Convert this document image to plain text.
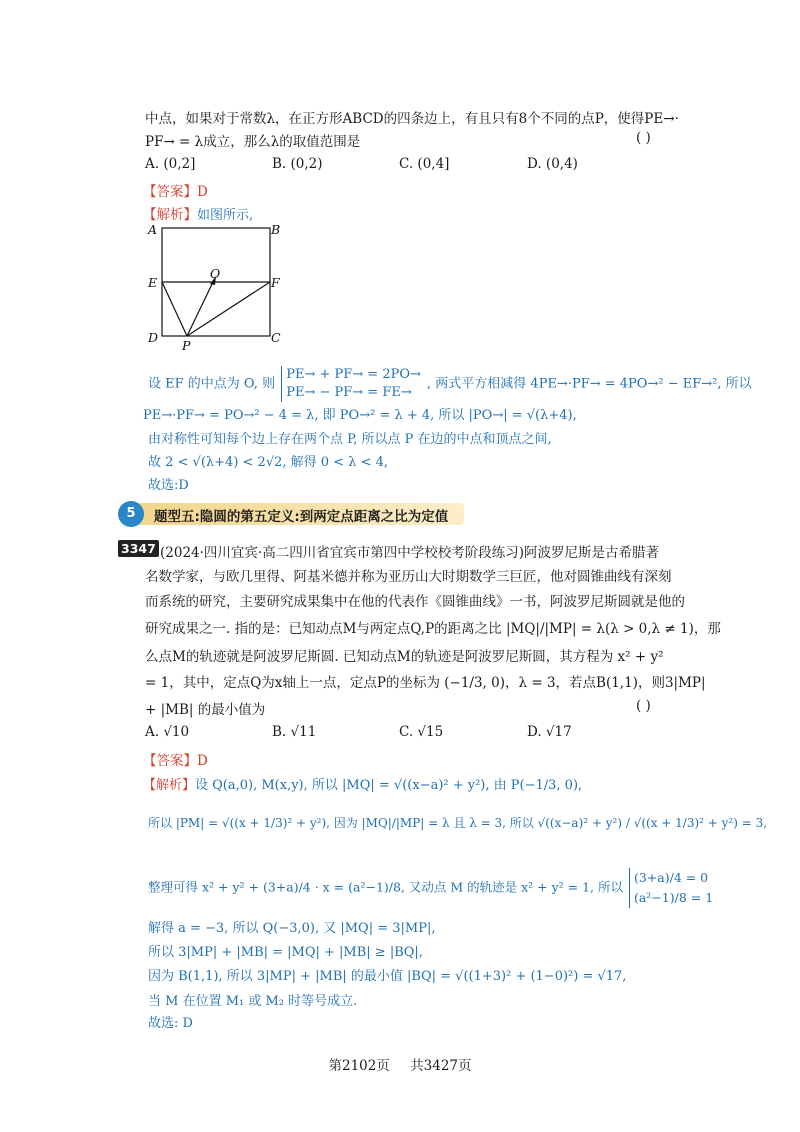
中点，如果对于常数λ，在正方形ABCD的四条边上，有且只有8个不同的点P，使得PE→·
PF→ = λ成立，那么λ的取值范围是	( )
A. (0,2]	B. (0,2)	C. (0,4]	D. (0,4)
【答案】D
【解析】如图所示,
A	B
E	F
O
D	C
P
设 EF 的中点为 O, 则
PE→ + PF→ = 2PO→
PE→ − PF→ = FE→
, 两式平方相减得 4PE→·PF→ = 4PO→² − EF→², 所以
PE→·PF→ = PO→² − 4 = λ, 即 PO→² = λ + 4, 所以 |PO→| = √(λ+4),
由对称性可知每个边上存在两个点 P, 所以点 P 在边的中点和顶点之间,
故 2 < √(λ+4) < 2√2, 解得 0 < λ < 4,
故选:D
5	题型五:隐圆的第五定义:到两定点距离之比为定值
3347 (2024·四川宜宾·高二四川省宜宾市第四中学校校考阶段练习)阿波罗尼斯是古希腊著
名数学家，与欧几里得、阿基米德并称为亚历山大时期数学三巨匠，他对圆锥曲线有深刻
而系统的研究，主要研究成果集中在他的代表作《圆锥曲线》一书，阿波罗尼斯圆就是他的
研究成果之一. 指的是：已知动点M与两定点Q,P的距离之比 |MQ|/|MP| = λ(λ > 0,λ ≠ 1)，那
么点M的轨迹就是阿波罗尼斯圆. 已知动点M的轨迹是阿波罗尼斯圆，其方程为 x² + y²
= 1，其中，定点Q为x轴上一点，定点P的坐标为 (−1/3, 0)，λ = 3，若点B(1,1)，则3|MP|
+ |MB| 的最小值为	( )
A. √10	B. √11	C. √15	D. √17
【答案】D
【解析】设 Q(a,0), M(x,y), 所以 |MQ| = √((x−a)² + y²), 由 P(−1/3, 0),
所以 |PM| = √((x + 1/3)² + y²), 因为 |MQ|/|MP| = λ 且 λ = 3, 所以 √((x−a)² + y²) / √((x + 1/3)² + y²) = 3,
整理可得 x² + y² + (3+a)/4 · x = (a²−1)/8, 又动点 M 的轨迹是 x² + y² = 1, 所以
(3+a)/4 = 0
(a²−1)/8 = 1
解得 a = −3, 所以 Q(−3,0), 又 |MQ| = 3|MP|,
所以 3|MP| + |MB| = |MQ| + |MB| ≥ |BQ|,
因为 B(1,1), 所以 3|MP| + |MB| 的最小值 |BQ| = √((1+3)² + (1−0)²) = √17,
当 M 在位置 M₁ 或 M₂ 时等号成立.
故选: D
第2102页 共3427页
